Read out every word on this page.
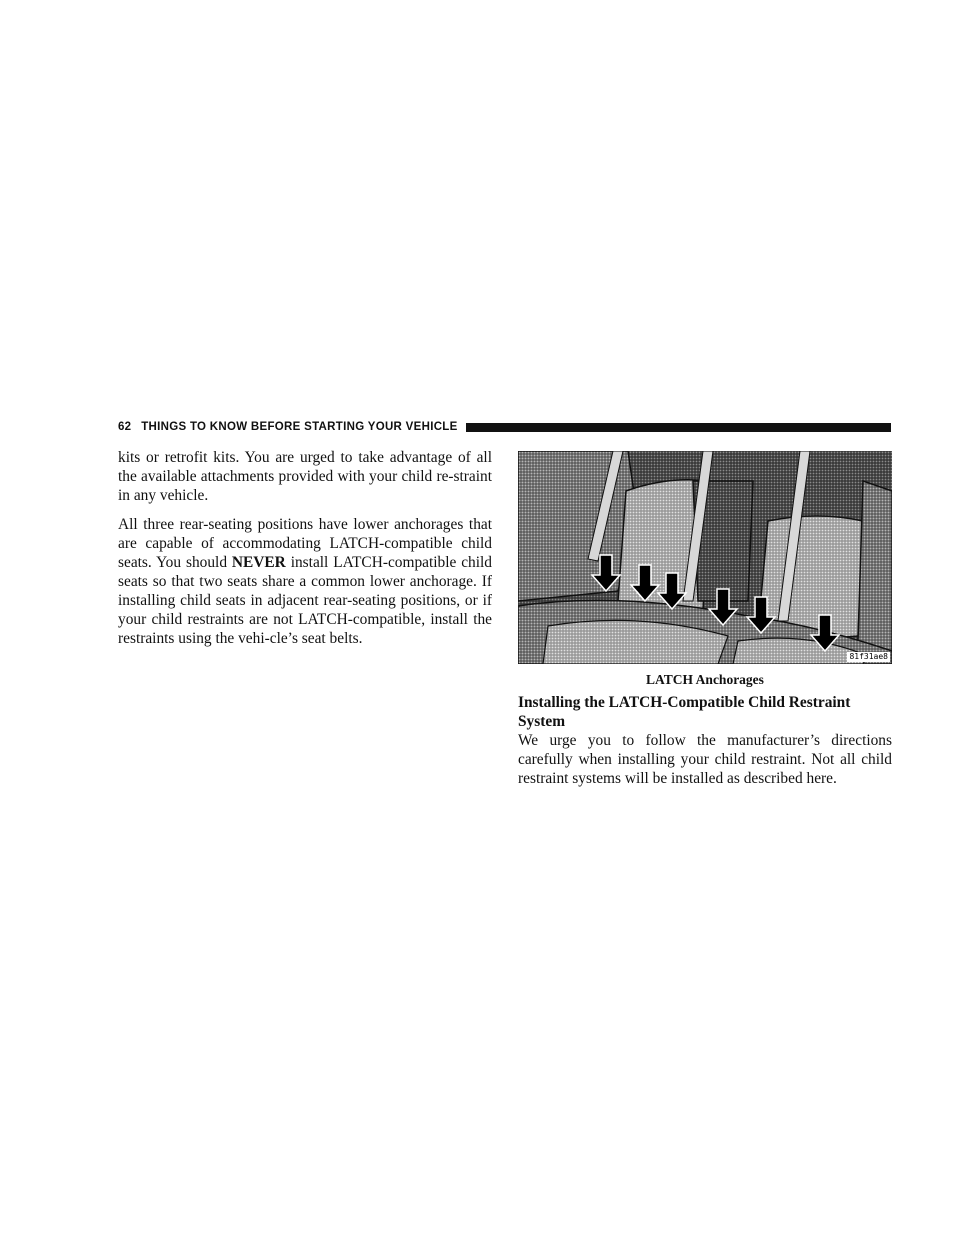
62 THINGS TO KNOW BEFORE STARTING YOUR VEHICLE

kits or retrofit kits. You are urged to take advantage of all the available attachments provided with your child re-straint in any vehicle.

All three rear-seating positions have lower anchorages that are capable of accommodating LATCH-compatible child seats. You should NEVER install LATCH-compatible child seats so that two seats share a common lower anchorage. If installing child seats in adjacent rear-seating positions, or if your child restraints are not LATCH-compatible, install the restraints using the vehi-cle’s seat belts.

81f31ae8
LATCH Anchorages
Installing the LATCH-Compatible Child Restraint System

We urge you to follow the manufacturer’s directions carefully when installing your child restraint. Not all child restraint systems will be installed as described here.
